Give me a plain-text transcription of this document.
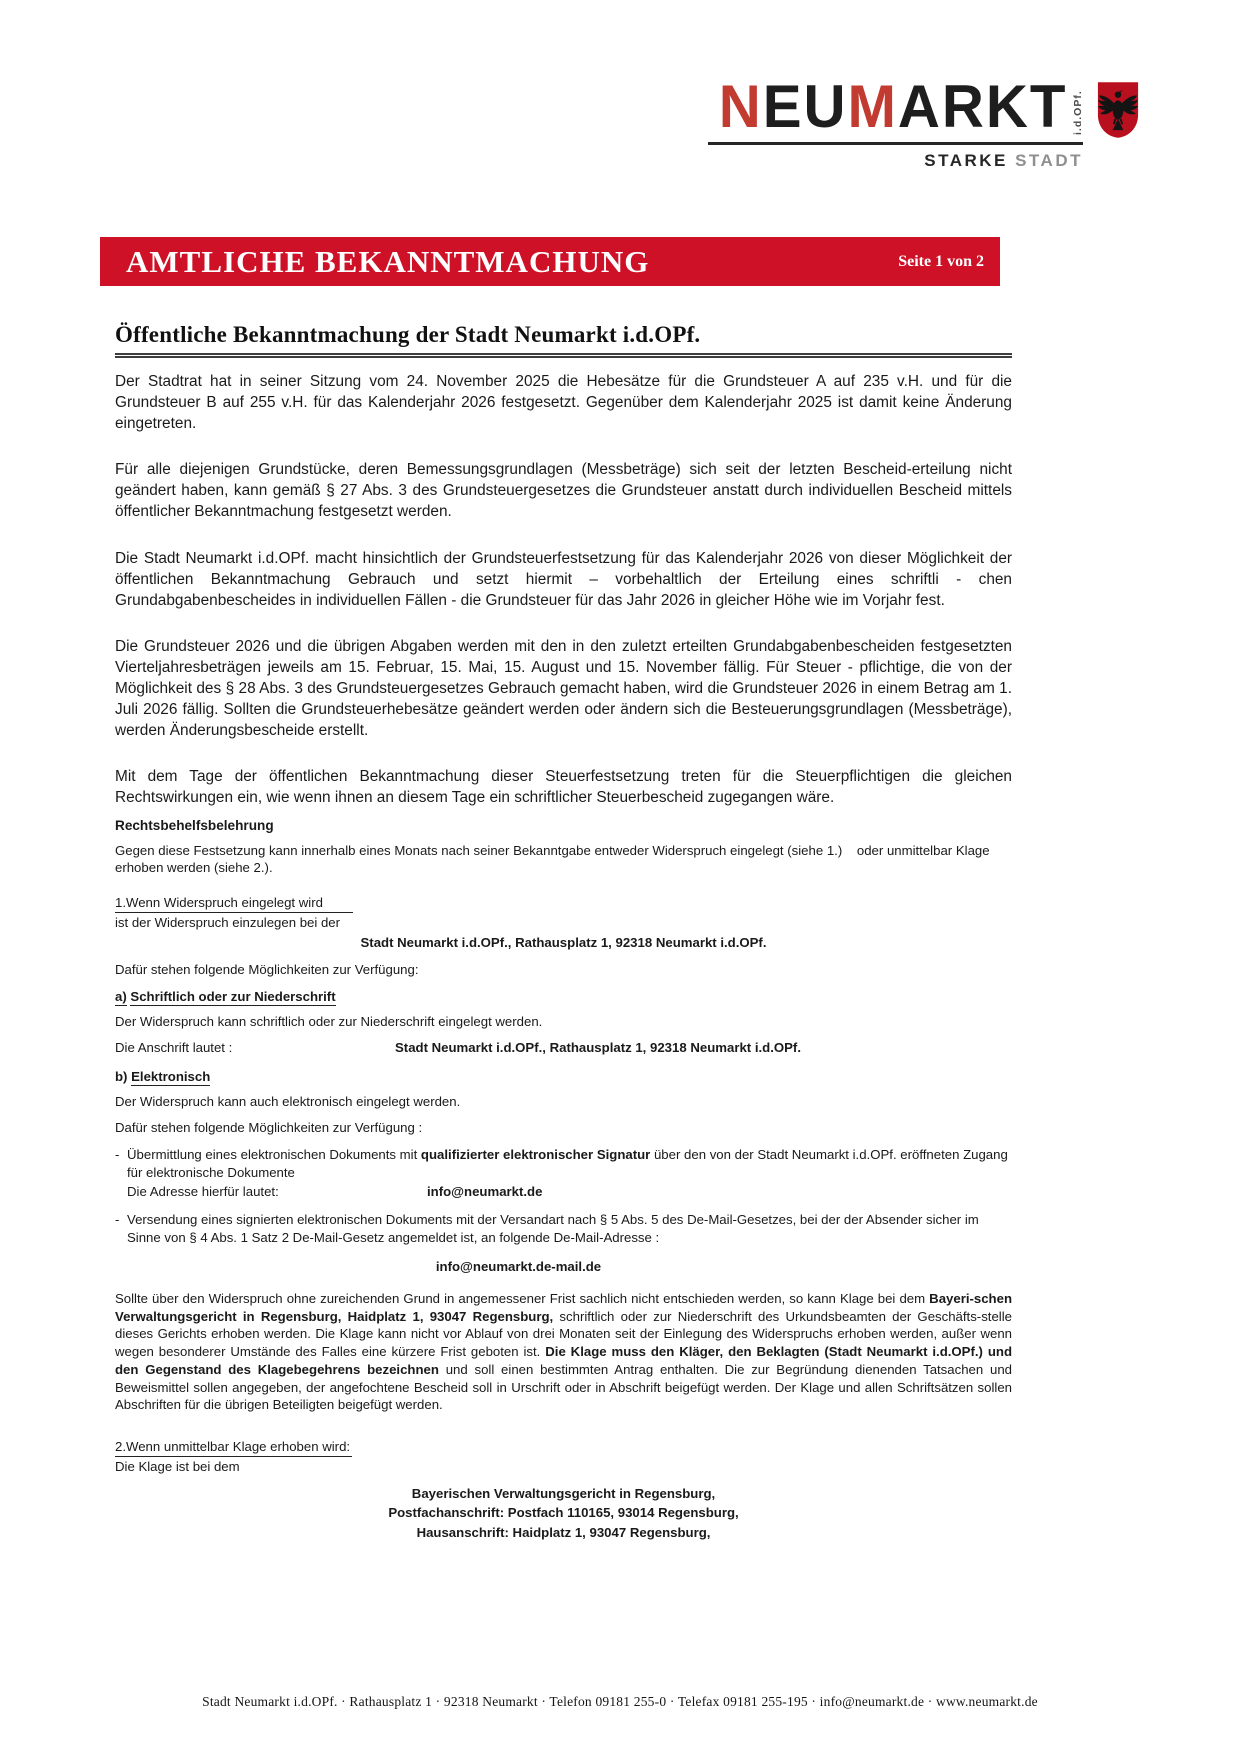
NEUMARKT i.d.OPf.
STARKE STADT
AMTLICHE BEKANNTMACHUNG	Seite 1 von 2
Öffentliche Bekanntmachung der Stadt Neumarkt i.d.OPf.

Der Stadtrat hat in seiner Sitzung vom 24. November 2025 die Hebesätze für die Grundsteuer A auf 235 v.H. und für die Grundsteuer B auf 255 v.H. für das Kalenderjahr 2026 festgesetzt. Gegenüber dem Kalenderjahr 2025 ist damit keine Änderung eingetreten.

Für alle diejenigen Grundstücke, deren Bemessungsgrundlagen (Messbeträge) sich seit der letzten Bescheid-erteilung nicht geändert haben, kann gemäß § 27 Abs. 3 des Grundsteuergesetzes die Grundsteuer anstatt durch individuellen Bescheid mittels öffentlicher Bekanntmachung festgesetzt werden.

Die Stadt Neumarkt i.d.OPf. macht hinsichtlich der Grundsteuerfestsetzung für das Kalenderjahr 2026 von dieser Möglichkeit der öffentlichen Bekanntmachung Gebrauch und setzt hiermit – vorbehaltlich der Erteilung eines schriftli - chen Grundabgabenbescheides in individuellen Fällen - die Grundsteuer für das Jahr 2026 in gleicher Höhe wie im Vorjahr fest.

Die Grundsteuer 2026 und die übrigen Abgaben werden mit den in den zuletzt erteilten Grundabgabenbescheiden festgesetzten Vierteljahresbeträgen jeweils am 15. Februar, 15. Mai, 15. August und 15. November fällig. Für Steuer - pflichtige, die von der Möglichkeit des § 28 Abs. 3 des Grundsteuergesetzes Gebrauch gemacht haben, wird die Grundsteuer 2026 in einem Betrag am 1. Juli 2026 fällig. Sollten die Grundsteuerhebesätze geändert werden oder ändern sich die Besteuerungsgrundlagen (Messbeträge), werden Änderungsbescheide erstellt.

Mit dem Tage der öffentlichen Bekanntmachung dieser Steuerfestsetzung treten für die Steuerpflichtigen die gleichen Rechtswirkungen ein, wie wenn ihnen an diesem Tage ein schriftlicher Steuerbescheid zugegangen wäre.

Rechtsbehelfsbelehrung

Gegen diese Festsetzung kann innerhalb eines Monats nach seiner Bekanntgabe entweder Widerspruch eingelegt (siehe 1.)    oder unmittelbar Klage erhoben werden (siehe 2.).

1.Wenn Widerspruch eingelegt wird
ist der Widerspruch einzulegen bei der
Stadt Neumarkt i.d.OPf., Rathausplatz 1, 92318 Neumarkt i.d.OPf.
Dafür stehen folgende Möglichkeiten zur Verfügung:
a) Schriftlich oder zur Niederschrift
Der Widerspruch kann schriftlich oder zur Niederschrift eingelegt werden.
Die Anschrift lautet :	Stadt Neumarkt i.d.OPf., Rathausplatz 1, 92318 Neumarkt i.d.OPf.
b) Elektronisch
Der Widerspruch kann auch elektronisch eingelegt werden.
Dafür stehen folgende Möglichkeiten zur Verfügung :
- Übermittlung eines elektronischen Dokuments mit qualifizierter elektronischer Signatur über den von der Stadt Neumarkt i.d.OPf. eröffneten Zugang für elektronische Dokumente
Die Adresse hierfür lautet:	info@neumarkt.de
- Versendung eines signierten elektronischen Dokuments mit der Versandart nach § 5 Abs. 5 des De-Mail-Gesetzes, bei der der Absender sicher im Sinne von § 4 Abs. 1 Satz 2 De-Mail-Gesetz angemeldet ist, an folgende De-Mail-Adresse :
info@neumarkt.de-mail.de

Sollte über den Widerspruch ohne zureichenden Grund in angemessener Frist sachlich nicht entschieden werden, so kann Klage bei dem Bayeri-schen Verwaltungsgericht in Regensburg, Haidplatz 1, 93047 Regensburg, schriftlich oder zur Niederschrift des Urkundsbeamten der Geschäfts-stelle dieses Gerichts erhoben werden. Die Klage kann nicht vor Ablauf von drei Monaten seit der Einlegung des Widerspruchs erhoben werden, außer wenn wegen besonderer Umstände des Falles eine kürzere Frist geboten ist. Die Klage muss den Kläger, den Beklagten (Stadt Neumarkt i.d.OPf.) und den Gegenstand des Klagebegehrens bezeichnen und soll einen bestimmten Antrag enthalten. Die zur Begründung dienenden Tatsachen und Beweismittel sollen angegeben, der angefochtene Bescheid soll in Urschrift oder in Abschrift beigefügt werden. Der Klage und allen Schriftsätzen sollen Abschriften für die übrigen Beteiligten beigefügt werden.

2.Wenn unmittelbar Klage erhoben wird:
Die Klage ist bei dem
Bayerischen Verwaltungsgericht in Regensburg,
Postfachanschrift: Postfach 110165, 93014 Regensburg,
Hausanschrift: Haidplatz 1, 93047 Regensburg,
Stadt Neumarkt i.d.OPf. · Rathausplatz 1 · 92318 Neumarkt · Telefon 09181 255-0 · Telefax 09181 255-195 · info@neumarkt.de · www.neumarkt.de
